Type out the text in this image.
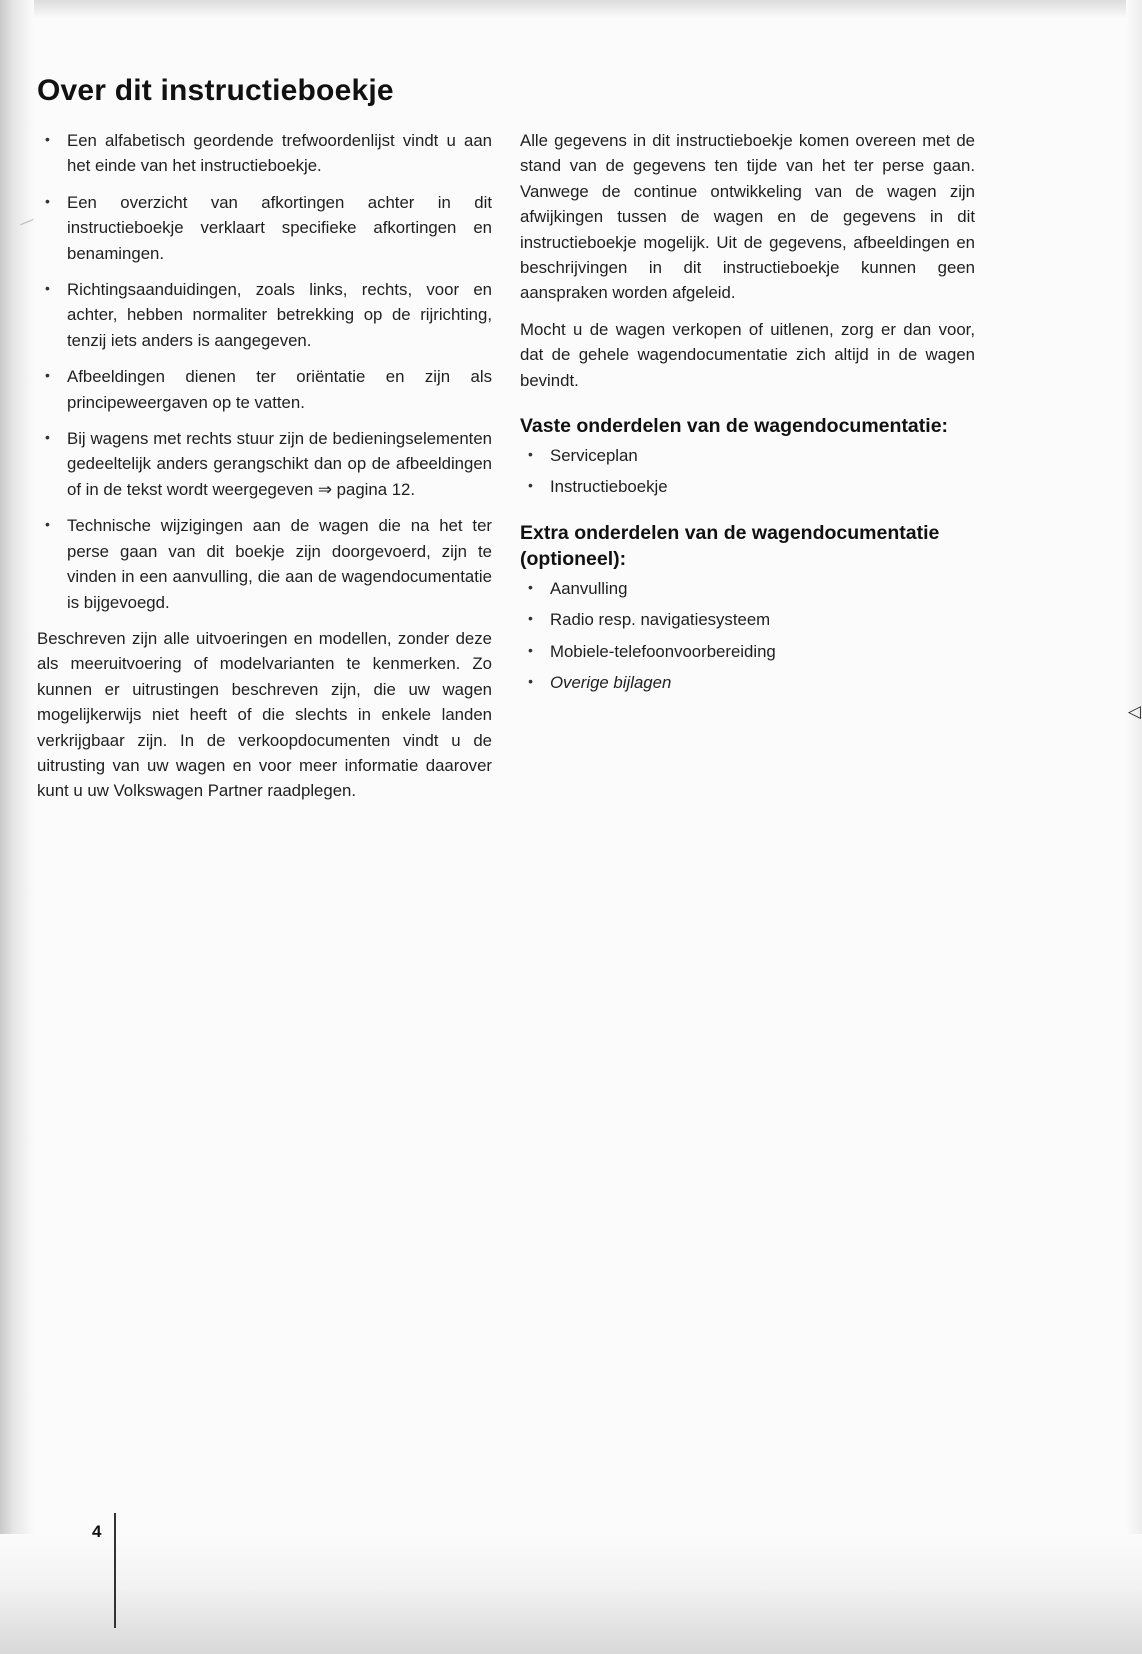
Over dit instructieboekje
• Een alfabetisch geordende trefwoordenlijst vindt u aan het einde van het instructieboekje.
• Een overzicht van afkortingen achter in dit instructieboekje verklaart specifieke afkortingen en benamingen.
• Richtingsaanduidingen, zoals links, rechts, voor en achter, hebben normaliter betrekking op de rijrichting, tenzij iets anders is aangegeven.
• Afbeeldingen dienen ter oriëntatie en zijn als principeweergaven op te vatten.
• Bij wagens met rechts stuur zijn de bedieningselementen gedeeltelijk anders gerangschikt dan op de afbeeldingen of in de tekst wordt weergegeven ⇒ pagina 12.
• Technische wijzigingen aan de wagen die na het ter perse gaan van dit boekje zijn doorgevoerd, zijn te vinden in een aanvulling, die aan de wagendocumentatie is bijgevoegd.

Beschreven zijn alle uitvoeringen en modellen, zonder deze als meeruitvoering of modelvarianten te kenmerken. Zo kunnen er uitrustingen beschreven zijn, die uw wagen mogelijkerwijs niet heeft of die slechts in enkele landen verkrijgbaar zijn. In de verkoopdocumenten vindt u de uitrusting van uw wagen en voor meer informatie daarover kunt u uw Volkswagen Partner raadplegen.

Alle gegevens in dit instructieboekje komen overeen met de stand van de gegevens ten tijde van het ter perse gaan. Vanwege de continue ontwikkeling van de wagen zijn afwijkingen tussen de wagen en de gegevens in dit instructieboekje mogelijk. Uit de gegevens, afbeeldingen en beschrijvingen in dit instructieboekje kunnen geen aanspraken worden afgeleid.

Mocht u de wagen verkopen of uitlenen, zorg er dan voor, dat de gehele wagendocumentatie zich altijd in de wagen bevindt.

Vaste onderdelen van de wagendocumentatie:
• Serviceplan
• Instructieboekje
Extra onderdelen van de wagendocumentatie (optioneel):
• Aanvulling
• Radio resp. navigatiesysteem
• Mobiele-telefoonvoorbereiding
• Overige bijlagen
◁
4
